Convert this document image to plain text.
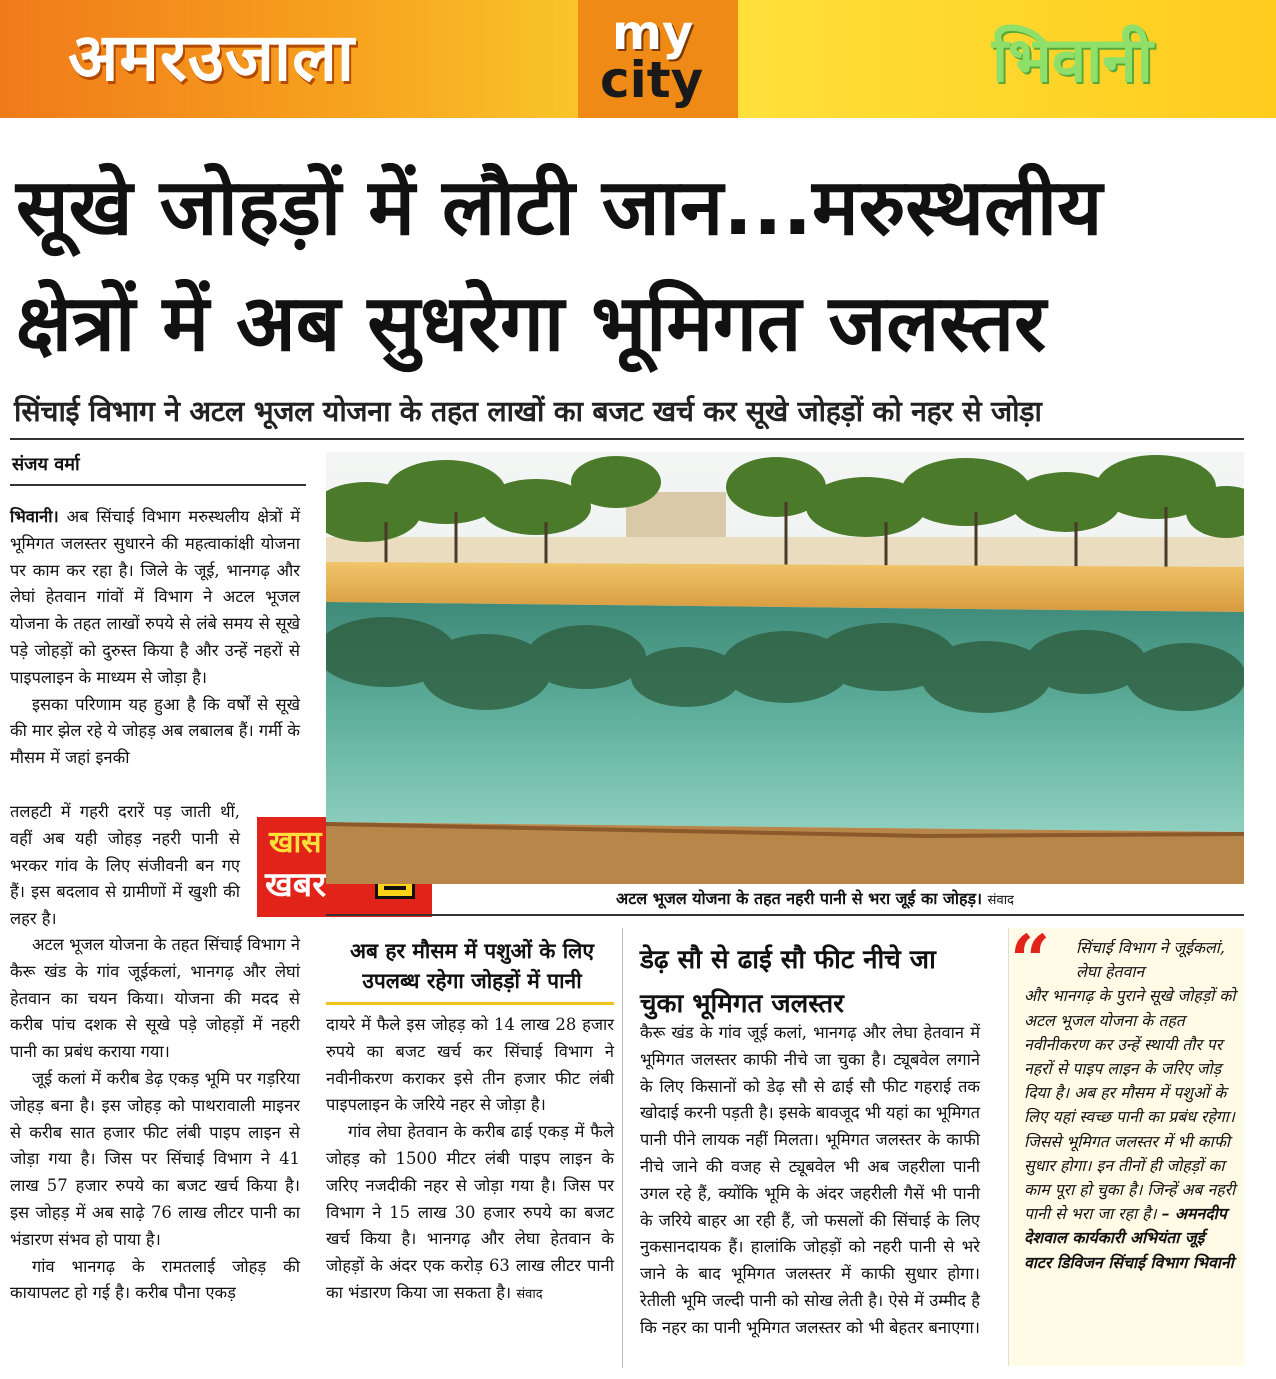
अमरउजाला	my
city	भिवानी
सूखे जोहड़ों में लौटी जान...मरुस्थलीय
क्षेत्रों में अब सुधरेगा भूमिगत जलस्तर
सिंचाई विभाग ने अटल भूजल योजना के तहत लाखों का बजट खर्च कर सूखे जोहड़ों को नहर से जोड़ा
संजय वर्मा

भिवानी। अब सिंचाई विभाग मरुस्थलीय क्षेत्रों में भूमिगत जलस्तर सुधारने की महत्वाकांक्षी योजना पर काम कर रहा है। जिले के जूई, भानगढ़ और लेघां हेतवान गांवों में विभाग ने अटल भूजल योजना के तहत लाखों रुपये से लंबे समय से सूखे पड़े जोहड़ों को दुरुस्त किया है और उन्हें नहरों से पाइपलाइन के माध्यम से जोड़ा है।

इसका परिणाम यह हुआ है कि वर्षों से सूखे की मार झेल रहे ये जोहड़ अब लबालब हैं। गर्मी के मौसम में जहां इनकी

तलहटी में गहरी दरारें पड़ जाती थीं, वहीं अब यही जोहड़ नहरी पानी से भरकर गांव के लिए संजीवनी बन गए हैं। इस बदलाव से ग्रामीणों में खुशी की लहर है।

अटल भूजल योजना के तहत सिंचाई विभाग ने कैरू खंड के गांव जूईकलां, भानगढ़ और लेघां हेतवान का चयन किया। योजना की मदद से करीब पांच दशक से सूखे पड़े जोहड़ों में नहरी पानी का प्रबंध कराया गया।

जूई कलां में करीब डेढ़ एकड़ भूमि पर गड़रिया जोहड़ बना है। इस जोहड़ को पाथरावाली माइनर से करीब सात हजार फीट लंबी पाइप लाइन से जोड़ा गया है। जिस पर सिंचाई विभाग ने 41 लाख 57 हजार रुपये का बजट खर्च किया है। इस जोहड़ में अब साढ़े 76 लाख लीटर पानी का भंडारण संभव हो पाया है।

गांव भानगढ़ के रामतलाई जोहड़ की कायापलट हो गई है। करीब पौना एकड़

खास
खबर	अटल भूजल योजना के तहत नहरी पानी से भरा जूई का जोहड़। संवाद
अब हर मौसम में पशुओं के लिए उपलब्ध रहेगा जोहड़ों में पानी

दायरे में फैले इस जोहड़ को 14 लाख 28 हजार रुपये का बजट खर्च कर सिंचाई विभाग ने नवीनीकरण कराकर इसे तीन हजार फीट लंबी पाइपलाइन के जरिये नहर से जोड़ा है।

गांव लेघा हेतवान के करीब ढाई एकड़ में फैले जोहड़ को 1500 मीटर लंबी पाइप लाइन के जरिए नजदीकी नहर से जोड़ा गया है। जिस पर विभाग ने 15 लाख 30 हजार रुपये का बजट खर्च किया है। भानगढ़ और लेघा हेतवान के जोहड़ों के अंदर एक करोड़ 63 लाख लीटर पानी का भंडारण किया जा सकता है। संवाद

डेढ़ सौ से ढाई सौ फीट नीचे जा चुका भूमिगत जलस्तर

कैरू खंड के गांव जूई कलां, भानगढ़ और लेघा हेतवान में भूमिगत जलस्तर काफी नीचे जा चुका है। ट्यूबवेल लगाने के लिए किसानों को डेढ़ सौ से ढाई सौ फीट गहराई तक खोदाई करनी पड़ती है। इसके बावजूद भी यहां का भूमिगत पानी पीने लायक नहीं मिलता। भूमिगत जलस्तर के काफी नीचे जाने की वजह से ट्यूबवेल भी अब जहरीला पानी उगल रहे हैं, क्योंकि भूमि के अंदर जहरीली गैसें भी पानी के जरिये बाहर आ रही हैं, जो फसलों की सिंचाई के लिए नुकसानदायक हैं। हालांकि जोहड़ों को नहरी पानी से भरे जाने के बाद भूमिगत जलस्तर में काफी सुधार होगा। रेतीली भूमि जल्दी पानी को सोख लेती है। ऐसे में उम्मीद है कि नहर का पानी भूमिगत जलस्तर को भी बेहतर बनाएगा।

“	सिंचाई विभाग ने जूईकलां, लेघा हेतवान
और भानगढ़ के पुराने सूखे जोहड़ों को अटल भूजल योजना के तहत नवीनीकरण कर उन्हें स्थायी तौर पर नहरों से पाइप लाइन के जरिए जोड़ दिया है। अब हर मौसम में पशुओं के लिए यहां स्वच्छ पानी का प्रबंध रहेगा। जिससे भूमिगत जलस्तर में भी काफी सुधार होगा। इन तीनों ही जोहड़ों का काम पूरा हो चुका है। जिन्हें अब नहरी पानी से भरा जा रहा है। – अमनदीप देशवाल कार्यकारी अभियंता जूई वाटर डिविजन सिंचाई विभाग भिवानी
